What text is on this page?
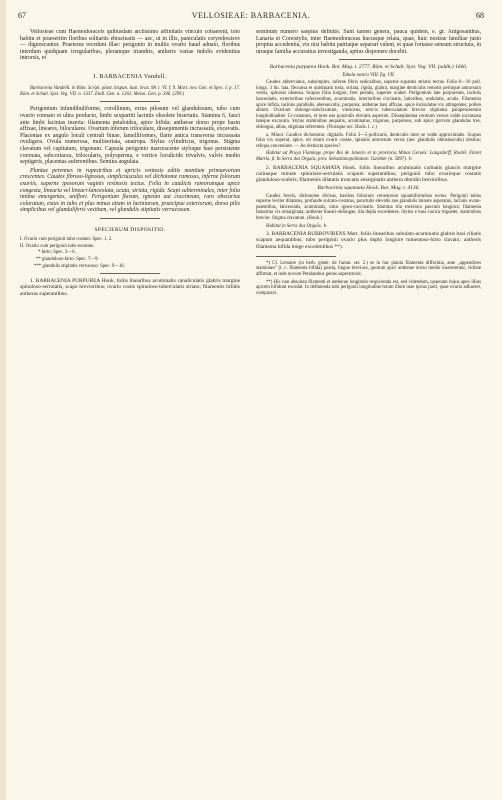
67	VELLOSIEAE: BARBACENIA.	68

Vellosieae cum Haemodoraceis quibusdam arctissimo affinitatis vinculo cohaerent, toto habitu et praesertim floribus solitariis ebracteatis — aec, ut in illis, paniculatis corymbosisve — dignoscuntur. Praeterea recedunt illae: perigonio in multis ovario haud adnato, floribus interdum quidquam irregularibus, pleramque triandris, antheris variae indolis evidentius introrsis, et

I. BARBACENIA Vandell.

Barbacenia Vandelli. in Röm. Script. plant. hispan. lusit. bras. 98. t. VI. f. 9. Mart. nov. Gen. et Spec. I. p. 17. Röm. et Schult. Syst. Veg. VII. n. 1337. Endl. Gen. n. 1261. Meisn. Gen. p. 396. (299.)

Perigonium infundibuliforme, corollinum, extus pilosum vel glandulosum, tubo cum ovario connato et ultra producto, limbi sexpartiti laciniis obsolete biseriatis. Stamina 6, fauci ante limbi lacinias inserta: filamenta petaloidea, apice bifida; antherae dorso prope basin affixae, lineares, biloculares. Ovarium inferum triloculare, dissepimentis incrassatis, excavatis. Placentae ex angulo loculi centrali binae, lamelliformes, flarte antica transversa incrassata ovuligera. Ovula numerosa, multiseriata, anatropa. Stylus cylindricus, trigonus. Stigma clavatum vel capitatum, trigonum. Capsula perigonio marcescente styloque basi persistente coronata, subcoriacea, trilocularis, polysperma, e vertice loculicide trivalvis, valvis medio septigeris, placentas auferentibus. Semina angulata.

Plantae perennes in rupestribus et apricis ventosis editis montium primaevorum crescentes. Caudex fibroso-lignosus, simpliciusculus vel dichotome ramosus, inferne foliorum exuviis, superne iposorum vaginis resinosis tectus. Folia in caudicis ramorumque apice congesta, linearia vel lineari-lanceolata, acuta, striata, rigida. Scapi subterminales, inter folia intima emergentes, uniflori. Perigonium flavum, igneum aut coccineum, raro obscurius coloratum, extus in tubo et plus minus etiam in laciniarum, praecipue exteriorum, dorso pilis simplicibus vel glanduliferis vestitum, vel glandulis stipitatis verrucosum.

SPECIERUM DISPOSITIO.
I. Ovario cum perigonii tubo costato: Spec. 1, 2.
II. Ovario cum perigonii tubo ecostato
* hirto: Spec. 3—6.
** glanduloso-hirto: Spec. 7—9.
*** glandulis stipitatis verrucoso: Spec. 9—16.

1. BARBACENIA PURPUREA Hook. foliis linearibus acuminatis canaliculatis glabris margine spinuloso-serrulatis, scapo brevioribus; ovario costis spinuloso-tuberculatis striato; filamentis bifidis antheras superantibus.

seminum numero saepius definito. Sunt tamen genera, pauca quidem, e. gr. Anigosanthus, Lanaria et Conostylis, inter Haemodoraceas hucusque relata, quae, huic nostrae familiae justo propius accedentia, vix nisi habitu patriaque separari valent, et quae fortasse sensum structura, in utraque familia accuratius investiganda, aptius disponere docebit.

Barbacenia purpurea Hook. Bot. Mag. t. 2777. Röm. et Schult. Syst. Veg. VII. (addit.) 1666.

Tabula nostra VIII. fig. VII.

Caudex abbreviatus, subsimplex, inferne fibris radicalibus, superne squamis striatis tectus. Folia 8—10 poll. longa, 3 lin. lata, flexuosa et quidquam torta, striata, rigida, glabra, margine denticulis remotis perinque antrorsum versis, spinosis obsessa. Scapus folia longior, fere pedalis, superne scaber. Perigonium late purpureum, laciniis lanceolatis, exterioribus rufescentibus, acuminatis, interioribus circinatis, latioribus, undulatis, acutis. Filamenta apice bifida, laciniis parallelis, ebenunculis, purpurea; antherae basi affixae, apice incisulatae vix attingentes; pollen album. Ovarium oblongo-subclavatum, virescens, sericis tuberculatum brevior stipitatus parapeucentum longitudinaliter 12-costatum, et inter eas punctulis elevatis asperum. Dissepimenta centrum versus valde incrassata lateque excavata. Stylus staminibus aequalis, acuminatus, trigonus, purpureus, sub apice gorcum glandulas tres, oblongas, albas, stigmata referentes. (Floraque sec. Hook. l. c.)

a. Minor. Caudice dichotomo; digitalis. Folia 3—5-pollicaris, denticulis inter se valde approximatis. Scapus folia vix superat, apice, uti etiam ovarii costae, spinulis antrorsum versis (nec glandulis obtusiusculis) obsitus; reliqua conveniunt. — An distincta species?

Habitat ad Praya Flamingo prope Rio de Janeiro et in provincia Minas Geraës: Langsdorff, Riedel. Floret Martio. β. In Serra dos Orgaös, prov. Sebastianopolitanae: Gardner (n. 5897). ♄

2. BARBACENIA SQUAMATA Hook. foliis linearibus acuminatis carinatis glaucis margine carinaque minute spinuloso-serrulatis scapum superantibus; perigonii tubo ovarioque costatis glanduloso-scabris; filamentis dilatatis truncatis emarginatis anthera dimidio brevioribus.

Barbacenia squamata Hook. Bot. Mag. t. 4136.

Caudex brevis, dichotome divisus, basibus foliorum vetustorum squamiformibus tectus. Perigonii tubus superne leviter dilatatus, profunde sulcato-costatus, punctulis elevatis ana glandulis minute asperatus, laciniis ovato-patentibus, lanceolatis, acuminatis, intus igneo-coccinatis. Stamina tria exteriora paucum longiora; filamenta latissima vix emarginata; antherae lineari-oblongae, illa dupla excedentes. Stylus e basi conica trigueter, staminibus brevior. Stigma clavatum. (Hook.)

Habitat in Serra dos Orgaös. ♄

3. BARBACENIA RUBROVIRENS Mart. foliis linearibus subulato-acuminatis glabris basi ciliatis scapum aequantibus; tubo perigonii ovario plus duplo longiore tomentoso-hirto clavato; antheris filamenta bifida longe excedentibus **).

*) Cl. Lemaire (in herb. génér. de l'amat. ser. 2.) se in hac planta filamenta difformia, ante „appendices staminaes" (l. c. filamenta bifida) posita, lingue breviora, quorum apici antherae dorso medio insererentur, vidisse affirmat, et inde novum Petalanthus genus superstruxit.

**) Hic non absoluta filamenti et antherae longitudo respicienda est, sed videndum, quaenam hujus apex illius apicem bifidum excedat. In definienda tubi perigonii longitudine totum illum inae ipsius parti, quae ovario adhaeret, comparavi.
